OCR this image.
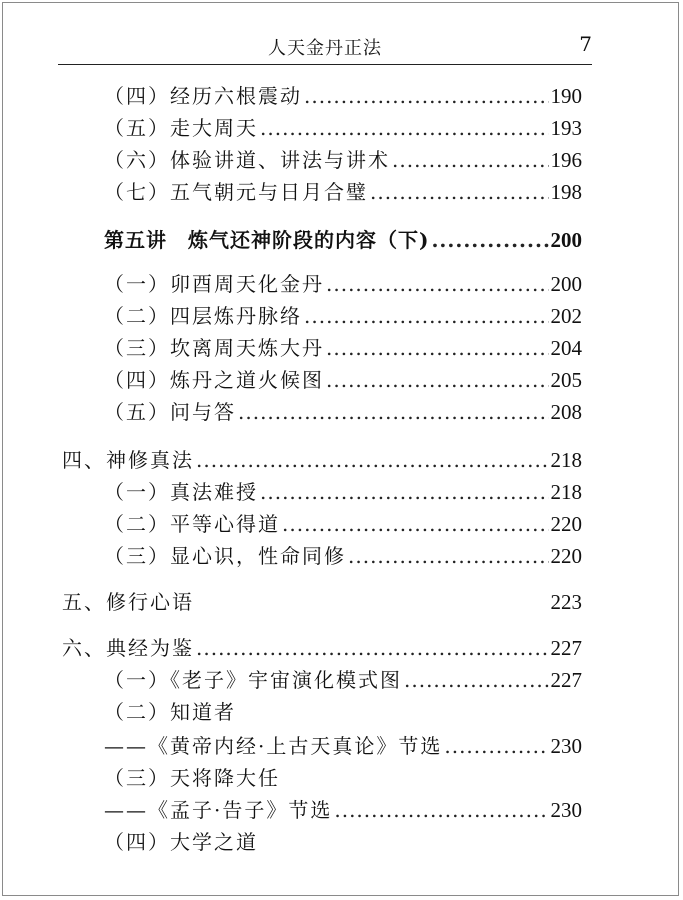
人天金丹正法	7
（四）经历六根震动 .....	190
（五）走大周天 .....	193
（六）体验讲道、讲法与讲术 .....	196
（七）五气朝元与日月合璧 .....	198
第五讲　炼气还神阶段的内容（下) .....	200
（一）卯酉周天化金丹 .....	200
（二）四层炼丹脉络 .....	202
（三）坎离周天炼大丹 .....	204
（四）炼丹之道火候图 .....	205
（五）问与答 .....	208
四、神修真法 .....	218
（一）真法难授 .....	218
（二）平等心得道 .....	220
（三）显心识，性命同修 .....	220
五、修行心语	223
六、典经为鉴 .....	227
（一）《老子》宇宙演化模式图 .....	227
（二）知道者
——《黄帝内经·上古天真论》节选 .....	230
（三）天将降大任
——《孟子·告子》节选 .....	230
（四）大学之道
